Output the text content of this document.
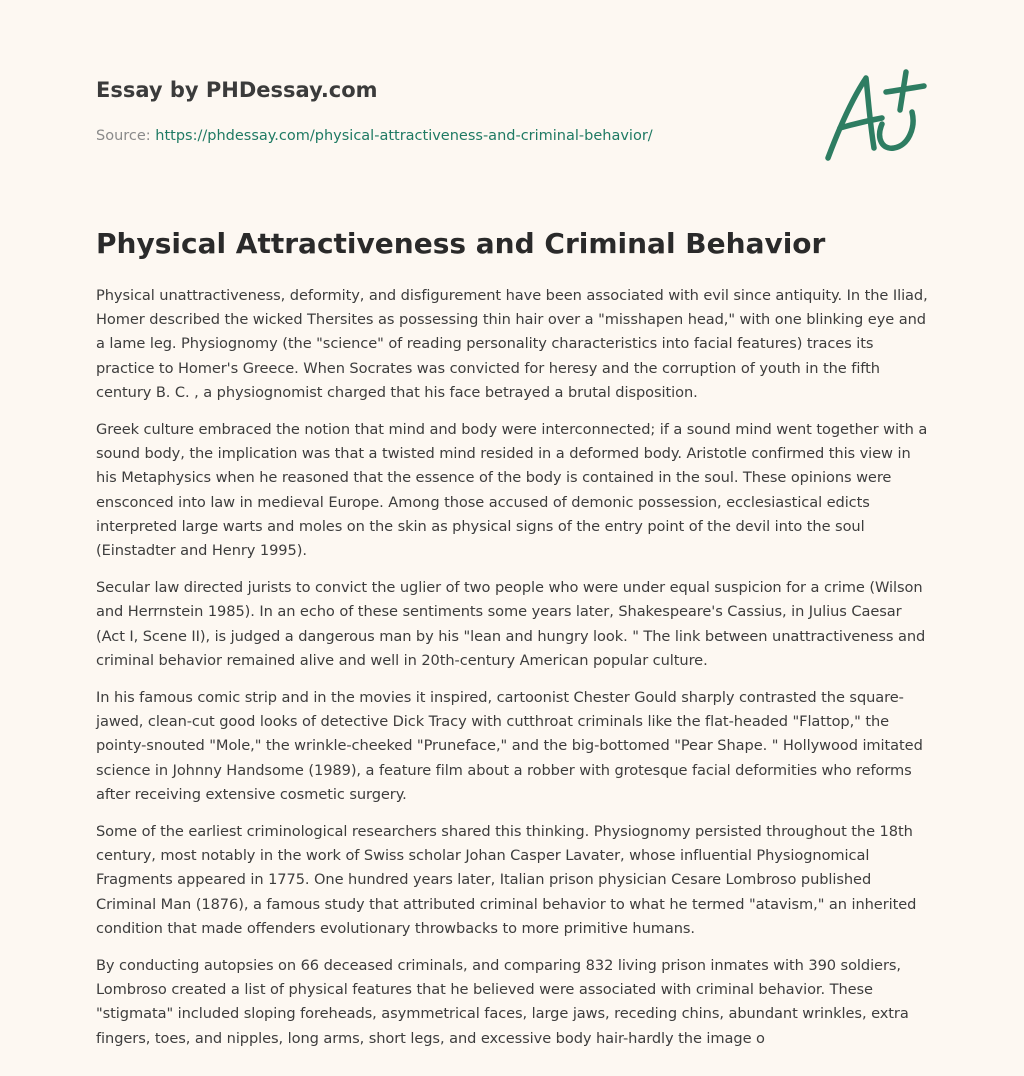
Essay by PHDessay.com
Source: https://phdessay.com/physical-attractiveness-and-criminal-behavior/
Physical Attractiveness and Criminal Behavior

Physical unattractiveness, deformity, and disfigurement have been associated with evil since antiquity. In the Iliad, Homer described the wicked Thersites as possessing thin hair over a "misshapen head," with one blinking eye and a lame leg. Physiognomy (the "science" of reading personality characteristics into facial features) traces its practice to Homer's Greece. When Socrates was convicted for heresy and the corruption of youth in the fifth century B. C. , a physiognomist charged that his face betrayed a brutal disposition.

Greek culture embraced the notion that mind and body were interconnected; if a sound mind went together with a sound body, the implication was that a twisted mind resided in a deformed body. Aristotle confirmed this view in his Metaphysics when he reasoned that the essence of the body is contained in the soul. These opinions were ensconced into law in medieval Europe. Among those accused of demonic possession, ecclesiastical edicts interpreted large warts and moles on the skin as physical signs of the entry point of the devil into the soul (Einstadter and Henry 1995).

Secular law directed jurists to convict the uglier of two people who were under equal suspicion for a crime (Wilson and Herrnstein 1985). In an echo of these sentiments some years later, Shakespeare's Cassius, in Julius Caesar (Act I, Scene II), is judged a dangerous man by his "lean and hungry look. " The link between unattractiveness and criminal behavior remained alive and well in 20th-century American popular culture.

In his famous comic strip and in the movies it inspired, cartoonist Chester Gould sharply contrasted the square-jawed, clean-cut good looks of detective Dick Tracy with cutthroat criminals like the flat-headed "Flattop," the pointy-snouted "Mole," the wrinkle-cheeked "Pruneface," and the big-bottomed "Pear Shape. " Hollywood imitated science in Johnny Handsome (1989), a feature film about a robber with grotesque facial deformities who reforms after receiving extensive cosmetic surgery.

Some of the earliest criminological researchers shared this thinking. Physiognomy persisted throughout the 18th century, most notably in the work of Swiss scholar Johan Casper Lavater, whose influential Physiognomical Fragments appeared in 1775. One hundred years later, Italian prison physician Cesare Lombroso published Criminal Man (1876), a famous study that attributed criminal behavior to what he termed "atavism," an inherited condition that made offenders evolutionary throwbacks to more primitive humans.

By conducting autopsies on 66 deceased criminals, and comparing 832 living prison inmates with 390 soldiers, Lombroso created a list of physical features that he believed were associated with criminal behavior. These "stigmata" included sloping foreheads, asymmetrical faces, large jaws, receding chins, abundant wrinkles, extra fingers, toes, and nipples, long arms, short legs, and excessive body hair-hardly the image o
